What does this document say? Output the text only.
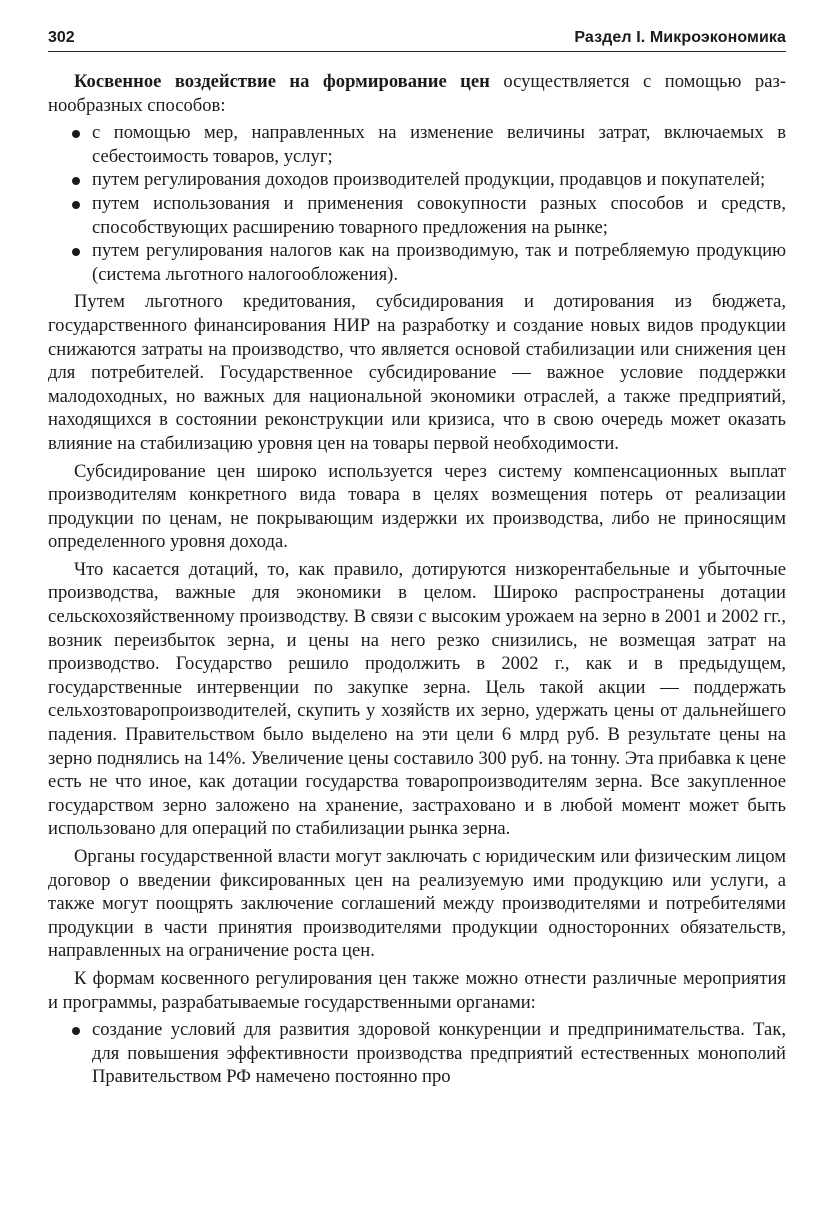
302	Раздел I. Микроэкономика

Косвенное воздействие на формирование цен осуществляется с помощью разнообразных способов:

с помощью мер, направленных на изменение величины затрат, включаемых в себестоимость товаров, услуг;
путем регулирования доходов производителей продукции, продавцов и покупателей;
путем использования и применения совокупности разных способов и средств, способствующих расширению товарного предложения на рынке;
путем регулирования налогов как на производимую, так и потребляемую продукцию (система льготного налогообложения).

Путем льготного кредитования, субсидирования и дотирования из бюджета, государственного финансирования НИР на разработку и создание новых видов продукции снижаются затраты на производство, что является основой стабилизации или снижения цен для потребителей. Государственное субсидирование — важное условие поддержки малодоходных, но важных для национальной экономики отраслей, а также предприятий, находящихся в состоянии реконструкции или кризиса, что в свою очередь может оказать влияние на стабилизацию уровня цен на товары первой необходимости.

Субсидирование цен широко используется через систему компенсационных выплат производителям конкретного вида товара в целях возмещения потерь от реализации продукции по ценам, не покрывающим издержки их производства, либо не приносящим определенного уровня дохода.

Что касается дотаций, то, как правило, дотируются низкорентабельные и убыточные производства, важные для экономики в целом. Широко распространены дотации сельскохозяйственному производству. В связи с высоким урожаем на зерно в 2001 и 2002 гг., возник переизбыток зерна, и цены на него резко снизились, не возмещая затрат на производство. Государство решило продолжить в 2002 г., как и в предыдущем, государственные интервенции по закупке зерна. Цель такой акции — поддержать сельхозтоваропроизводителей, скупить у хозяйств их зерно, удержать цены от дальнейшего падения. Правительством было выделено на эти цели 6 млрд руб. В результате цены на зерно поднялись на 14%. Увеличение цены составило 300 руб. на тонну. Эта прибавка к цене есть не что иное, как дотации государства товаропроизводителям зерна. Все закупленное государством зерно заложено на хранение, застраховано и в любой момент может быть использовано для операций по стабилизации рынка зерна.

Органы государственной власти могут заключать с юридическим или физическим лицом договор о введении фиксированных цен на реализуемую ими продукцию или услуги, а также могут поощрять заключение соглашений между производителями и потребителями продукции в части принятия производителями продукции односторонних обязательств, направленных на ограничение роста цен.

К формам косвенного регулирования цен также можно отнести различные мероприятия и программы, разрабатываемые государственными органами:

создание условий для развития здоровой конкуренции и предпринимательства. Так, для повышения эффективности производства предприятий естественных монополий Правительством РФ намечено постоянно про
